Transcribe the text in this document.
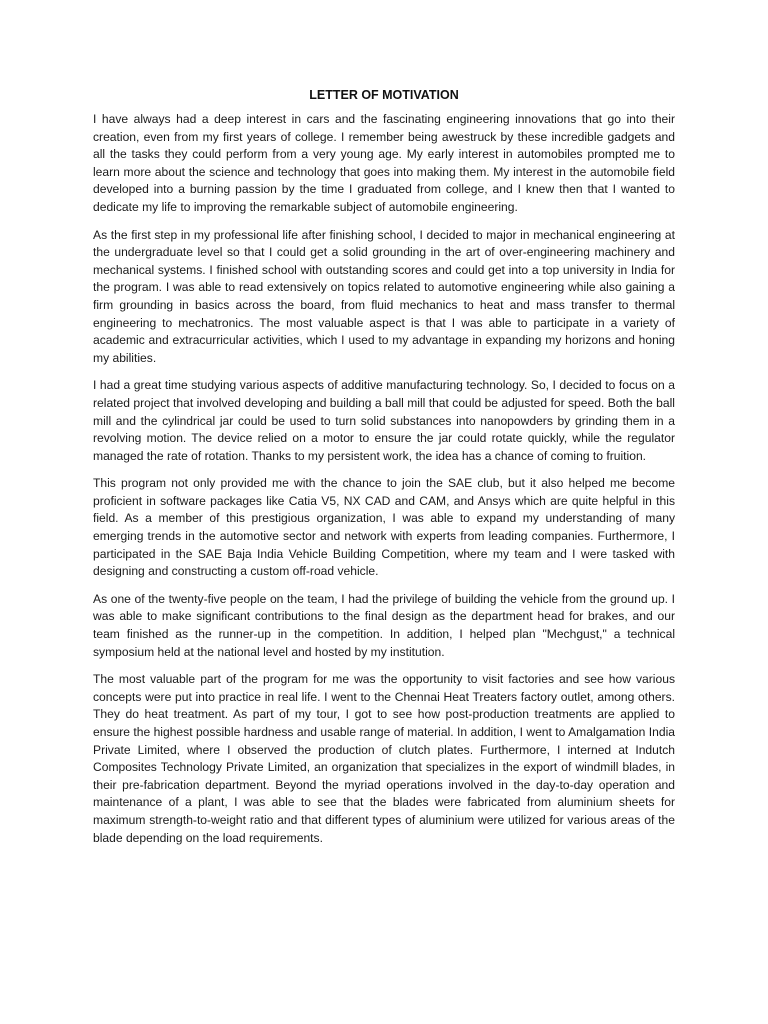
LETTER OF MOTIVATION

I have always had a deep interest in cars and the fascinating engineering innovations that go into their creation, even from my first years of college. I remember being awestruck by these incredible gadgets and all the tasks they could perform from a very young age. My early interest in automobiles prompted me to learn more about the science and technology that goes into making them. My interest in the automobile field developed into a burning passion by the time I graduated from college, and I knew then that I wanted to dedicate my life to improving the remarkable subject of automobile engineering.

As the first step in my professional life after finishing school, I decided to major in mechanical engineering at the undergraduate level so that I could get a solid grounding in the art of over-engineering machinery and mechanical systems. I finished school with outstanding scores and could get into a top university in India for the program. I was able to read extensively on topics related to automotive engineering while also gaining a firm grounding in basics across the board, from fluid mechanics to heat and mass transfer to thermal engineering to mechatronics. The most valuable aspect is that I was able to participate in a variety of academic and extracurricular activities, which I used to my advantage in expanding my horizons and honing my abilities.

I had a great time studying various aspects of additive manufacturing technology. So, I decided to focus on a related project that involved developing and building a ball mill that could be adjusted for speed. Both the ball mill and the cylindrical jar could be used to turn solid substances into nanopowders by grinding them in a revolving motion. The device relied on a motor to ensure the jar could rotate quickly, while the regulator managed the rate of rotation. Thanks to my persistent work, the idea has a chance of coming to fruition.

This program not only provided me with the chance to join the SAE club, but it also helped me become proficient in software packages like Catia V5, NX CAD and CAM, and Ansys which are quite helpful in this field. As a member of this prestigious organization, I was able to expand my understanding of many emerging trends in the automotive sector and network with experts from leading companies. Furthermore, I participated in the SAE Baja India Vehicle Building Competition, where my team and I were tasked with designing and constructing a custom off-road vehicle.

As one of the twenty-five people on the team, I had the privilege of building the vehicle from the ground up. I was able to make significant contributions to the final design as the department head for brakes, and our team finished as the runner-up in the competition. In addition, I helped plan "Mechgust," a technical symposium held at the national level and hosted by my institution.

The most valuable part of the program for me was the opportunity to visit factories and see how various concepts were put into practice in real life. I went to the Chennai Heat Treaters factory outlet, among others. They do heat treatment. As part of my tour, I got to see how post-production treatments are applied to ensure the highest possible hardness and usable range of material. In addition, I went to Amalgamation India Private Limited, where I observed the production of clutch plates. Furthermore, I interned at Indutch Composites Technology Private Limited, an organization that specializes in the export of windmill blades, in their pre-fabrication department. Beyond the myriad operations involved in the day-to-day operation and maintenance of a plant, I was able to see that the blades were fabricated from aluminium sheets for maximum strength-to-weight ratio and that different types of aluminium were utilized for various areas of the blade depending on the load requirements.
